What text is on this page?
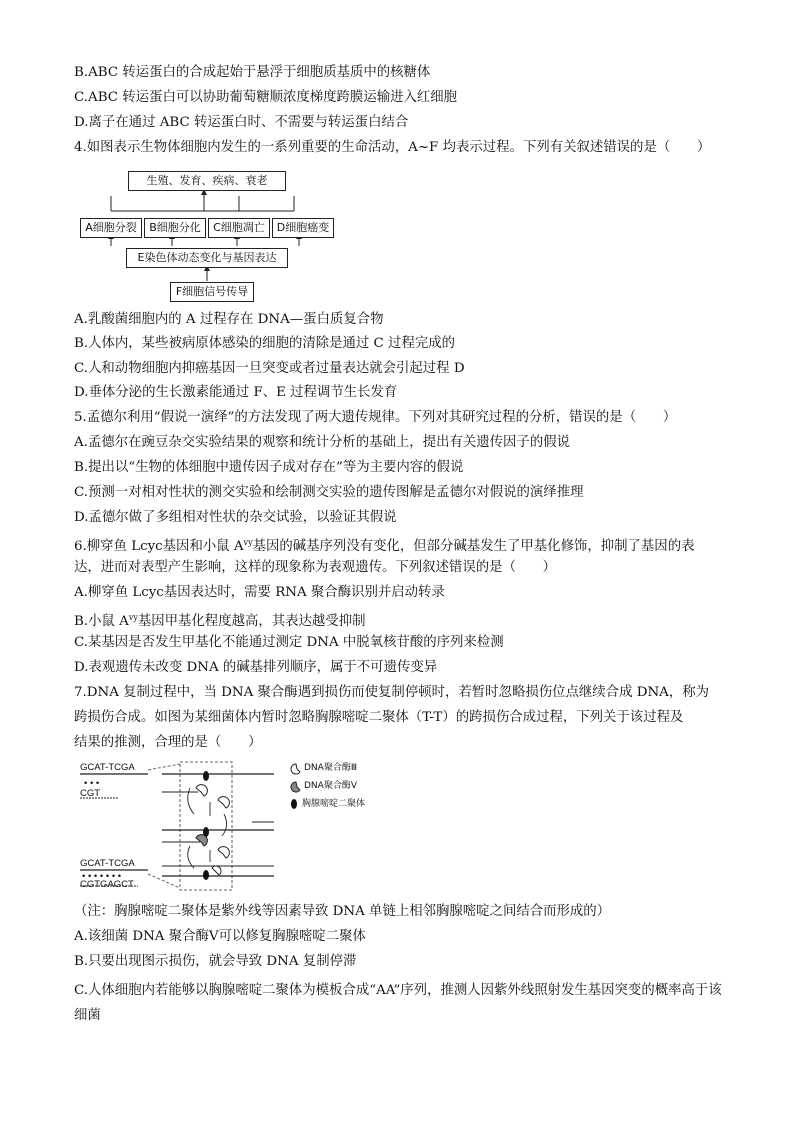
B.ABC 转运蛋白的合成起始于悬浮于细胞质基质中的核糖体
C.ABC 转运蛋白可以协助葡萄糖顺浓度梯度跨膜运输进入红细胞
D.离子在通过 ABC 转运蛋白时、不需要与转运蛋白结合
4.如图表示生物体细胞内发生的一系列重要的生命活动，A~F 均表示过程。下列有关叙述错误的是（　　）
生殖、发育、疾病、衰老
A细胞分裂	B细胞分化	C细胞凋亡	D细胞癌变
E染色体动态变化与基因表达
F细胞信号传导
A.乳酸菌细胞内的 A 过程存在 DNA—蛋白质复合物
B.人体内，某些被病原体感染的细胞的清除是通过 C 过程完成的
C.人和动物细胞内抑癌基因一旦突变或者过量表达就会引起过程 D
D.垂体分泌的生长激素能通过 F、E 过程调节生长发育
5.孟德尔利用“假说一演绎”的方法发现了两大遗传规律。下列对其研究过程的分析，错误的是（　　）
A.孟德尔在豌豆杂交实验结果的观察和统计分析的基础上，提出有关遗传因子的假说
B.提出以“生物的体细胞中遗传因子成对存在”等为主要内容的假说
C.预测一对相对性状的测交实验和绘制测交实验的遗传图解是孟德尔对假说的演绎推理
D.孟德尔做了多组相对性状的杂交试验，以验证其假说
6.柳穿鱼 Lcyc基因和小鼠 $A^{vy}$基因的碱基序列没有变化，但部分碱基发生了甲基化修饰，抑制了基因的表
达，进而对表型产生影响，这样的现象称为表观遗传。下列叙述错误的是（　　）
A.柳穿鱼 Lcyc基因表达时，需要 RNA 聚合酶识别并启动转录
B.小鼠 $A^{vy}$基因甲基化程度越高，其表达越受抑制
C.某基因是否发生甲基化不能通过测定 DNA 中脱氧核苷酸的序列来检测
D.表观遗传未改变 DNA 的碱基排列顺序，属于不可遗传变异
7.DNA 复制过程中，当 DNA 聚合酶遇到损伤而使复制停顿时，若暂时忽略损伤位点继续合成 DNA，称为
跨损伤合成。如图为某细菌体内暂时忽略胸腺嘧啶二聚体（T-T）的跨损伤合成过程，下列关于该过程及
结果的推测，合理的是（　　）
GCAT-TCGA
• • •
CGT
GCAT-TCGA
• • • • • • •
CGTGAGCT
DNA聚合酶Ⅲ
DNA聚合酶Ⅴ
胸腺嘧啶二聚体
（注：胸腺嘧啶二聚体是紫外线等因素导致 DNA 单链上相邻胸腺嘧啶之间结合而形成的）
A.该细菌 DNA 聚合酶Ⅴ可以修复胸腺嘧啶二聚体
B.只要出现图示损伤，就会导致 DNA 复制停滞
C.人体细胞内若能够以胸腺嘧啶二聚体为模板合成“AA”序列，推测人因紫外线照射发生基因突变的概率高于该细菌
